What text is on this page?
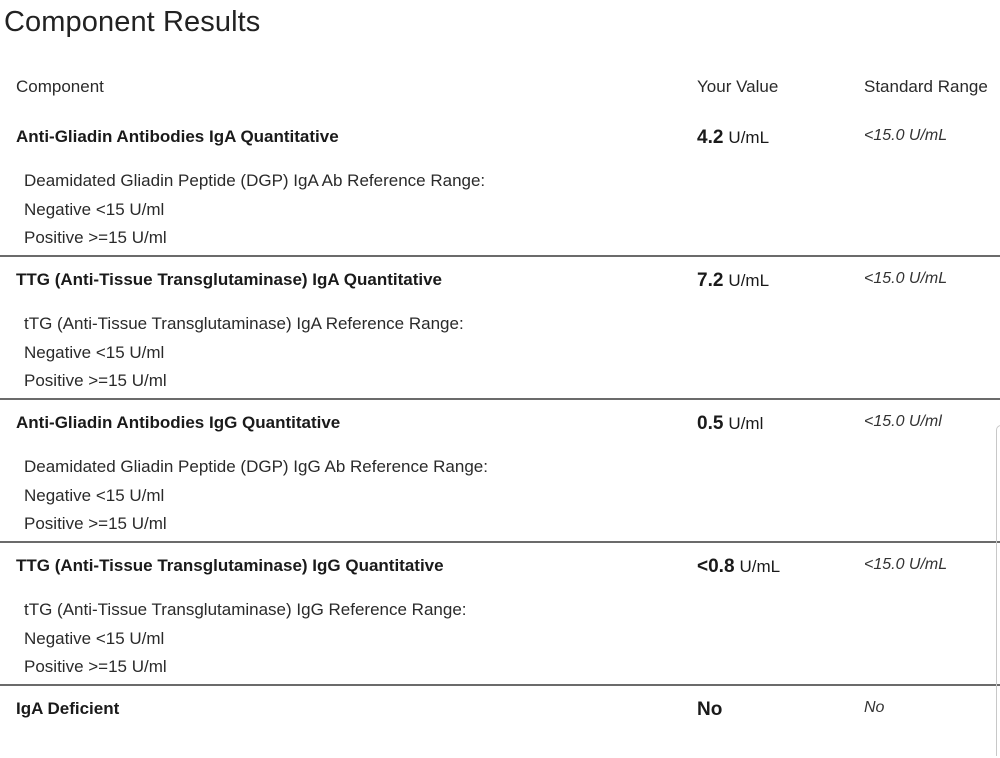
Component Results
Component	Your Value	Standard Range
Anti-Gliadin Antibodies IgA Quantitative	4.2 U/mL	<15.0 U/mL
Deamidated Gliadin Peptide (DGP) IgA Ab Reference Range:
Negative <15 U/ml
Positive >=15 U/ml
TTG (Anti-Tissue Transglutaminase) IgA Quantitative	7.2 U/mL	<15.0 U/mL
tTG (Anti-Tissue Transglutaminase) IgA Reference Range:
Negative <15 U/ml
Positive >=15 U/ml
Anti-Gliadin Antibodies IgG Quantitative	0.5 U/ml	<15.0 U/ml
Deamidated Gliadin Peptide (DGP) IgG Ab Reference Range:
Negative <15 U/ml
Positive >=15 U/ml
TTG (Anti-Tissue Transglutaminase) IgG Quantitative	<0.8 U/mL	<15.0 U/mL
tTG (Anti-Tissue Transglutaminase) IgG Reference Range:
Negative <15 U/ml
Positive >=15 U/ml
IgA Deficient	No	No
